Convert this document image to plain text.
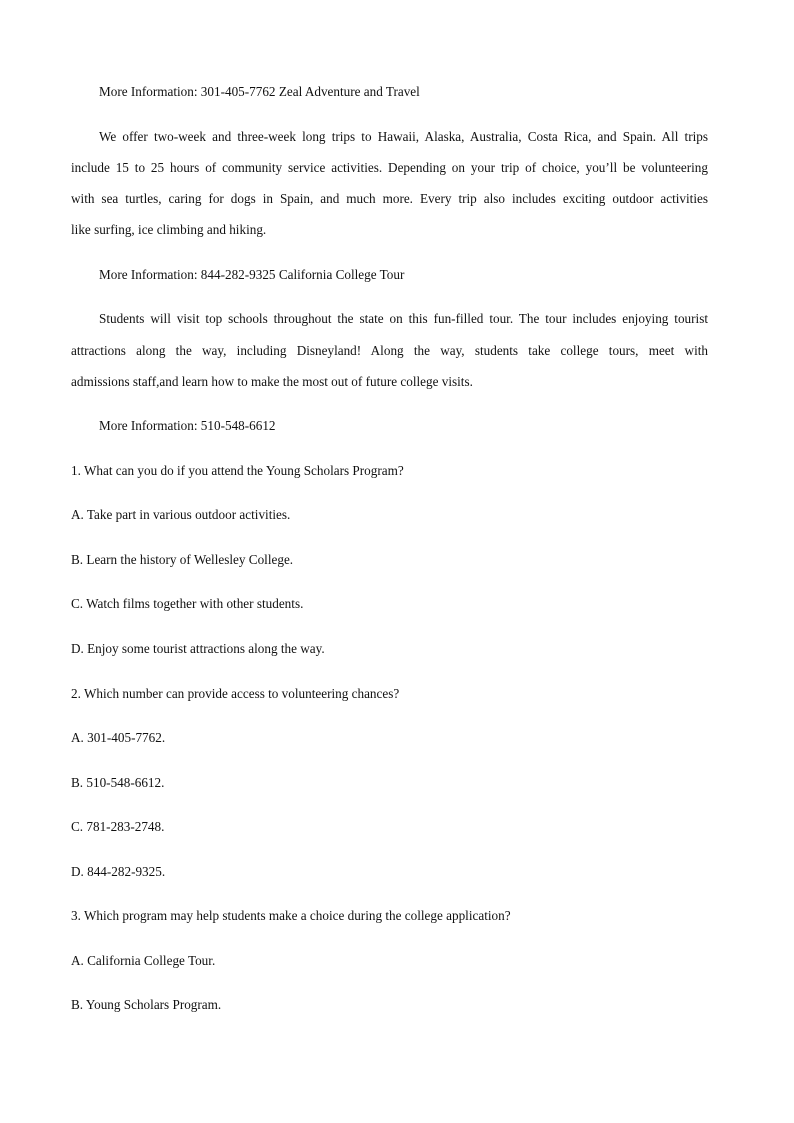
More Information: 301-405-7762 Zeal Adventure and Travel
We offer two-week and three-week long trips to Hawaii, Alaska, Australia, Costa Rica, and Spain. All trips
include 15 to 25 hours of community service activities. Depending on your trip of choice, you’ll be volunteering
with sea turtles, caring for dogs in Spain, and much more. Every trip also includes exciting outdoor activities
like surfing, ice climbing and hiking.
More Information: 844-282-9325 California College Tour
Students will visit top schools throughout the state on this fun-filled tour. The tour includes enjoying tourist
attractions along the way, including Disneyland! Along the way, students take college tours, meet with
admissions staff,and learn how to make the most out of future college visits.
More Information: 510-548-6612
1. What can you do if you attend the Young Scholars Program?
A. Take part in various outdoor activities.
B. Learn the history of Wellesley College.
C. Watch films together with other students.
D. Enjoy some tourist attractions along the way.
2. Which number can provide access to volunteering chances?
A. 301-405-7762.
B. 510-548-6612.
C. 781-283-2748.
D. 844-282-9325.
3. Which program may help students make a choice during the college application?
A. California College Tour.
B. Young Scholars Program.
